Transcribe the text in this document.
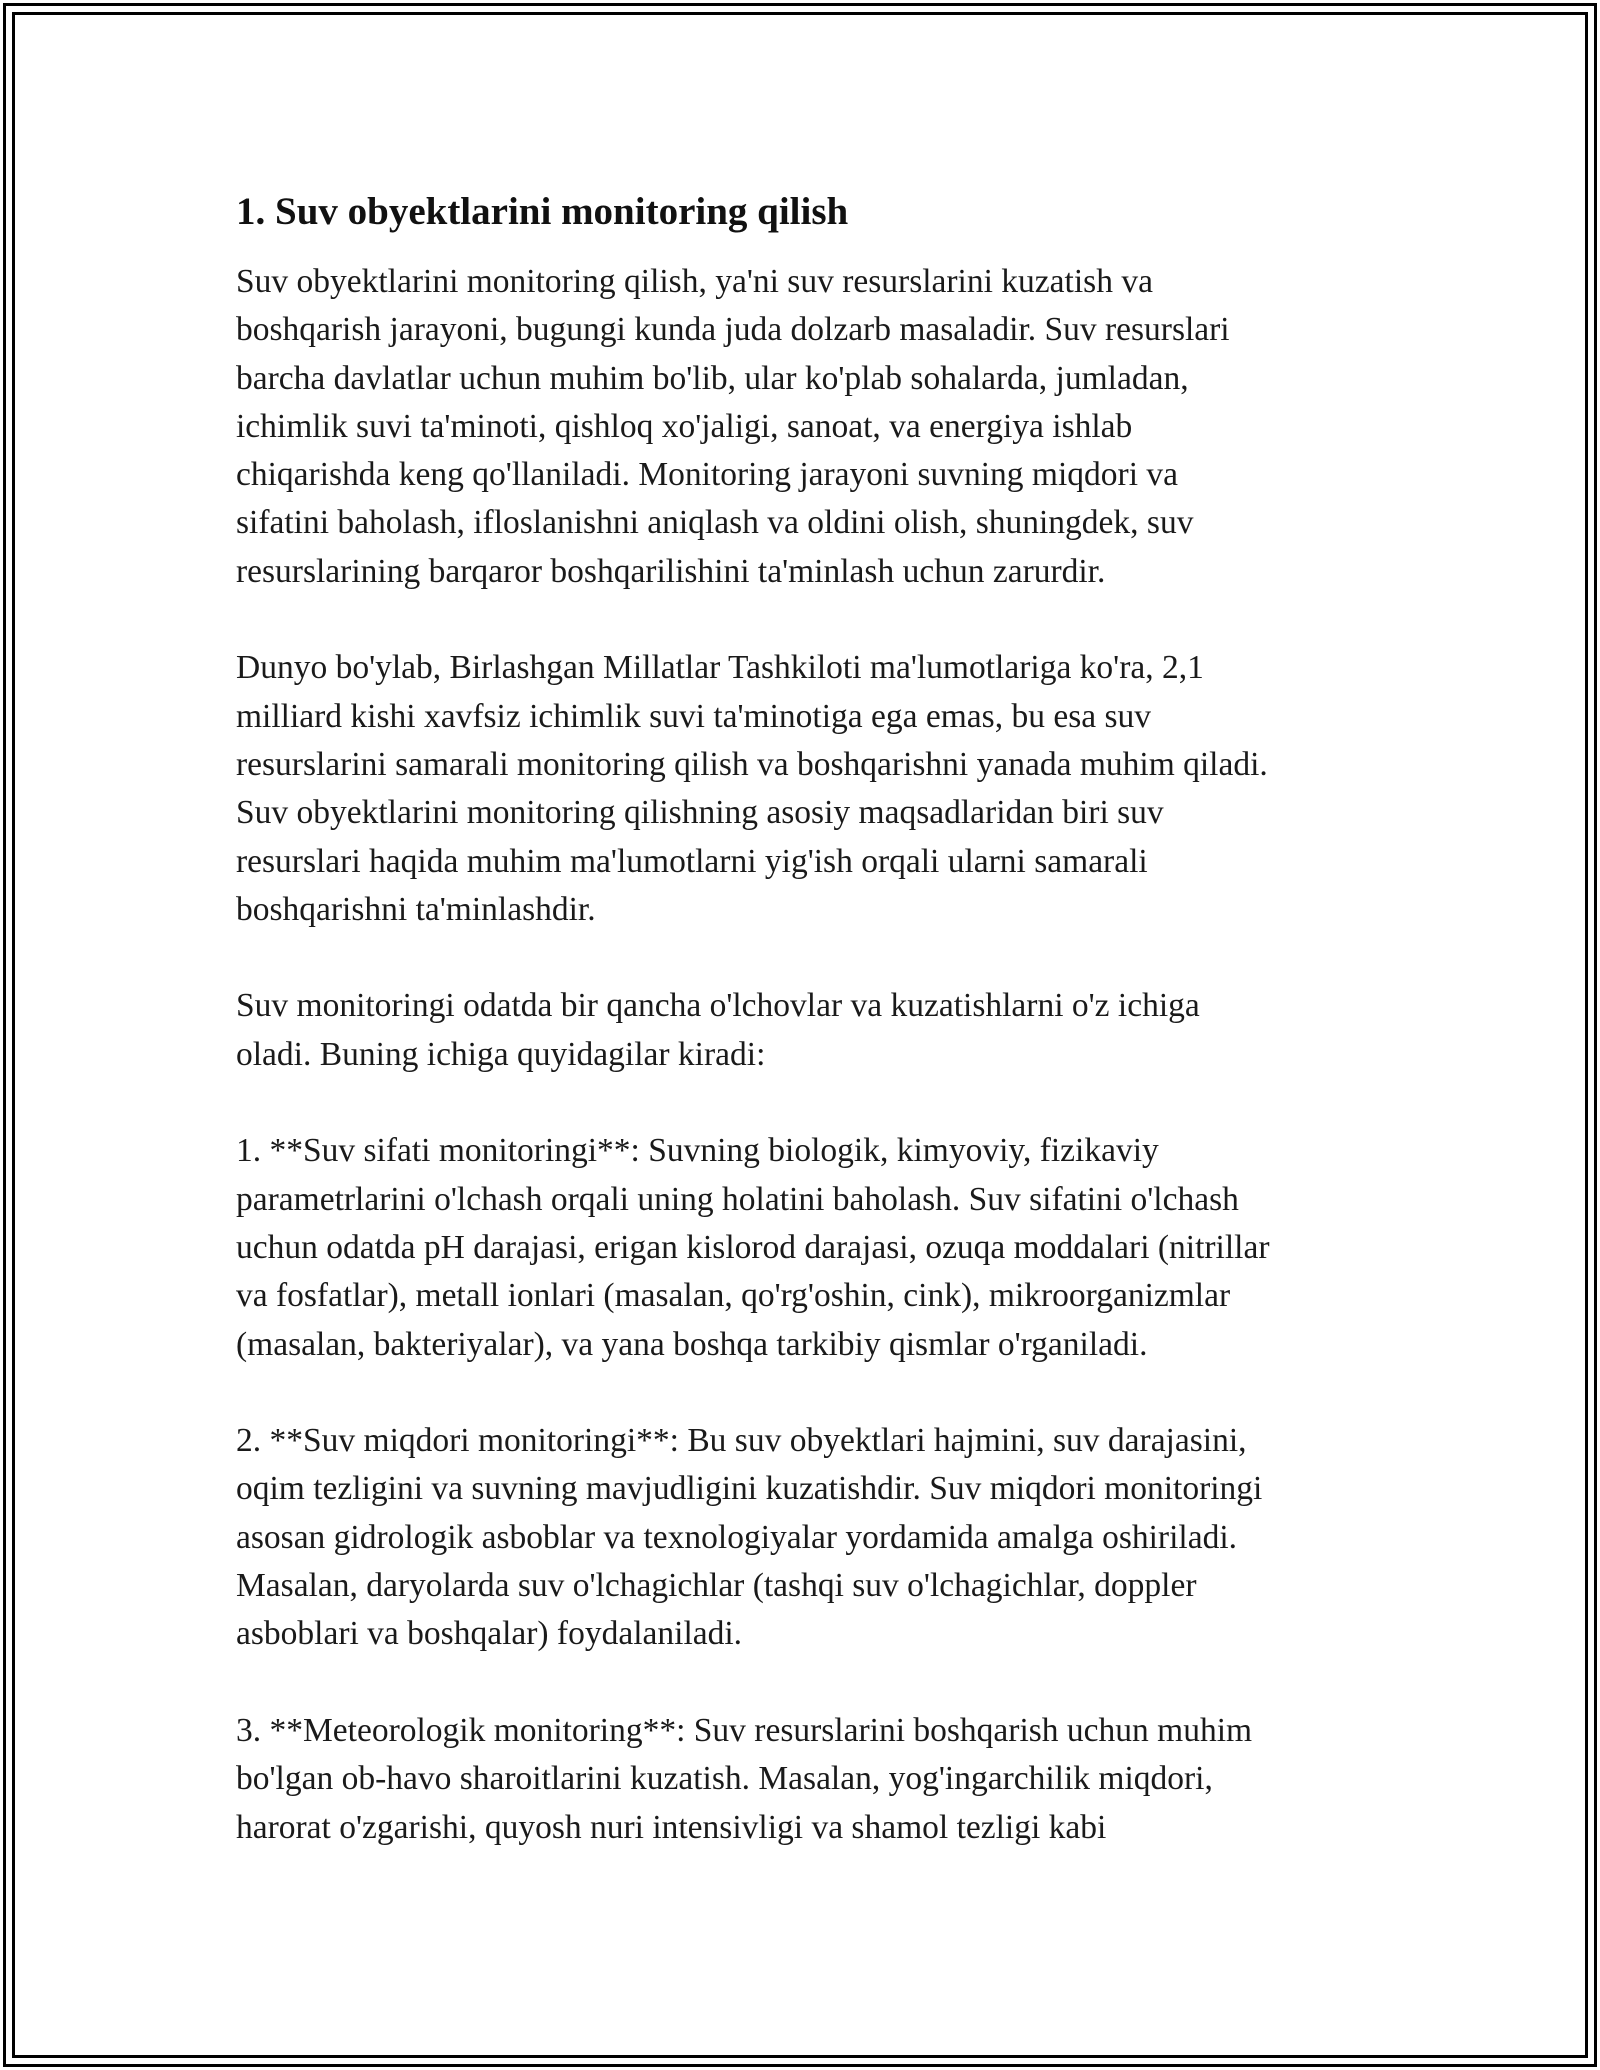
1. Suv obyektlarini monitoring qilish

Suv obyektlarini monitoring qilish, ya'ni suv resurslarini kuzatish va
boshqarish jarayoni, bugungi kunda juda dolzarb masaladir. Suv resurslari
barcha davlatlar uchun muhim bo'lib, ular ko'plab sohalarda, jumladan,
ichimlik suvi ta'minoti, qishloq xo'jaligi, sanoat, va energiya ishlab
chiqarishda keng qo'llaniladi. Monitoring jarayoni suvning miqdori va
sifatini baholash, ifloslanishni aniqlash va oldini olish, shuningdek, suv
resurslarining barqaror boshqarilishini ta'minlash uchun zarurdir.

Dunyo bo'ylab, Birlashgan Millatlar Tashkiloti ma'lumotlariga ko'ra, 2,1
milliard kishi xavfsiz ichimlik suvi ta'minotiga ega emas, bu esa suv
resurslarini samarali monitoring qilish va boshqarishni yanada muhim qiladi.
Suv obyektlarini monitoring qilishning asosiy maqsadlaridan biri suv
resurslari haqida muhim ma'lumotlarni yig'ish orqali ularni samarali
boshqarishni ta'minlashdir.

Suv monitoringi odatda bir qancha o'lchovlar va kuzatishlarni o'z ichiga
oladi. Buning ichiga quyidagilar kiradi:

1. **Suv sifati monitoringi**: Suvning biologik, kimyoviy, fizikaviy
parametrlarini o'lchash orqali uning holatini baholash. Suv sifatini o'lchash
uchun odatda pH darajasi, erigan kislorod darajasi, ozuqa moddalari (nitrillar
va fosfatlar), metall ionlari (masalan, qo'rg'oshin, cink), mikroorganizmlar
(masalan, bakteriyalar), va yana boshqa tarkibiy qismlar o'rganiladi.

2. **Suv miqdori monitoringi**: Bu suv obyektlari hajmini, suv darajasini,
oqim tezligini va suvning mavjudligini kuzatishdir. Suv miqdori monitoringi
asosan gidrologik asboblar va texnologiyalar yordamida amalga oshiriladi.
Masalan, daryolarda suv o'lchagichlar (tashqi suv o'lchagichlar, doppler
asboblari va boshqalar) foydalaniladi.

3. **Meteorologik monitoring**: Suv resurslarini boshqarish uchun muhim
bo'lgan ob-havo sharoitlarini kuzatish. Masalan, yog'ingarchilik miqdori,
harorat o'zgarishi, quyosh nuri intensivligi va shamol tezligi kabi
